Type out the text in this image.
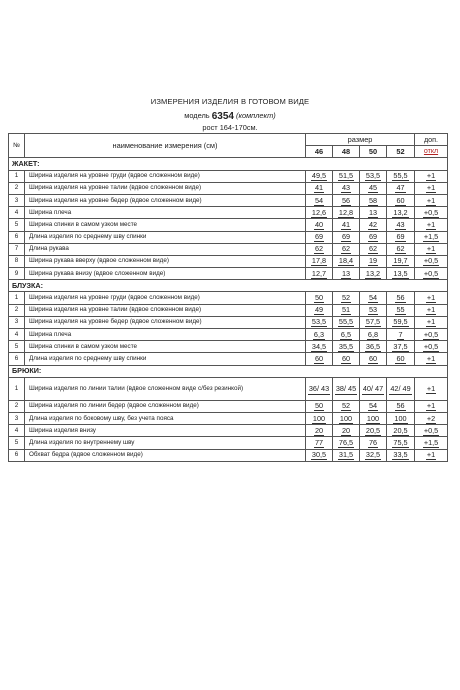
ИЗМЕРЕНИЯ ИЗДЕЛИЯ В ГОТОВОМ ВИДЕ
модель 6354 (комплект)
рост 164-170см.
№	наименование измерения (см)	размер				доп.
		46	48	50	52	откл
ЖАКЕТ:						
1	Ширина изделия на уровне груди (вдвое сложенном виде)	49,5	51,5	53,5	55,5	+1
2	Ширина изделия на уровне талии (вдвое сложенном виде)	41	43	45	47	+1
3	Ширина изделия на уровне бедер (вдвое сложенном виде)	54	56	58	60	+1
4	Ширина плеча	12,6	12,8	13	13,2	+0,5
5	Ширина спинки в самом узком месте	40	41	42	43	+1
6	Длина изделия по среднему шву спинки	69	69	69	69	+1,5
7	Длина рукава	62	62	62	62	+1
8	Ширина рукава вверху (вдвое сложенном виде)	17,8	18,4	19	19,7	+0,5
9	Ширина рукава внизу (вдвое сложенном виде)	12,7	13	13,2	13,5	+0,5
БЛУЗКА:						
1	Ширина изделия на уровне груди (вдвое сложенном виде)	50	52	54	56	+1
2	Ширина изделия на уровне талии (вдвое сложенном виде)	49	51	53	55	+1
3	Ширина изделия на уровне бедер (вдвое сложенном виде)	53,5	55,5	57,5	59,5	+1
4	Ширина плеча	6,3	6,5	6,8	7	+0,5
5	Ширина спинки в самом узком месте	34,5	35,5	36,5	37,5	+0,5
6	Длина изделия по среднему шву спинки	60	60	60	60	+1
БРЮКИ:						
1	Ширина изделия по линии талии (вдвое сложенном виде с/без резинкой)	36/ 43	38/ 45	40/ 47	42/ 49	+1
2	Ширина изделия по линии бедер (вдвое сложенном виде)	50	52	54	56	+1
3	Длина изделия по боковому шву, без учета пояса	100	100	100	100	+2
4	Ширина изделия внизу	20	20	20,5	20,5	+0,5
5	Длина изделия по внутреннему шву	77	76,5	76	75,5	+1,5
6	Обхват бедра (вдвое сложенном виде)	30,5	31,5	32,5	33,5	+1
